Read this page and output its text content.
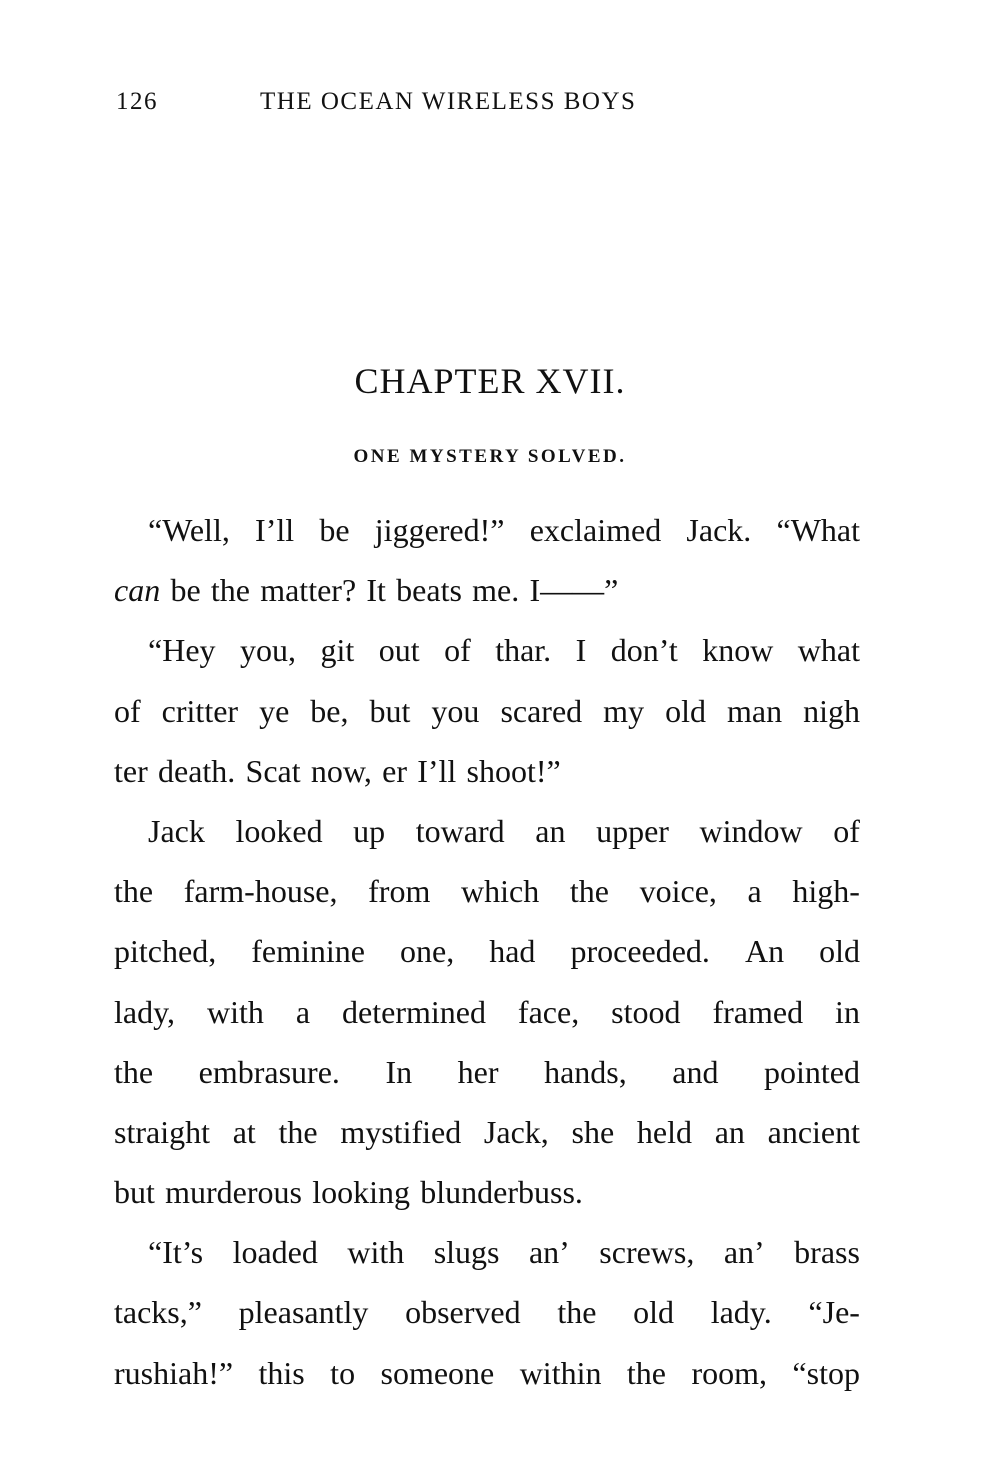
126	THE OCEAN WIRELESS BOYS
CHAPTER XVII.
ONE MYSTERY SOLVED.
“Well, I’ll be jiggered!” exclaimed Jack. “What
can be the matter? It beats me. I——”
“Hey you, git out of thar. I don’t know what
of critter ye be, but you scared my old man nigh
ter death. Scat now, er I’ll shoot!”
Jack looked up toward an upper window of
the farm-house, from which the voice, a high-
pitched, feminine one, had proceeded. An old
lady, with a determined face, stood framed in
the embrasure. In her hands, and pointed
straight at the mystified Jack, she held an ancient
but murderous looking blunderbuss.
“It’s loaded with slugs an’ screws, an’ brass
tacks,” pleasantly observed the old lady. “Je-
rushiah!” this to someone within the room, “stop
